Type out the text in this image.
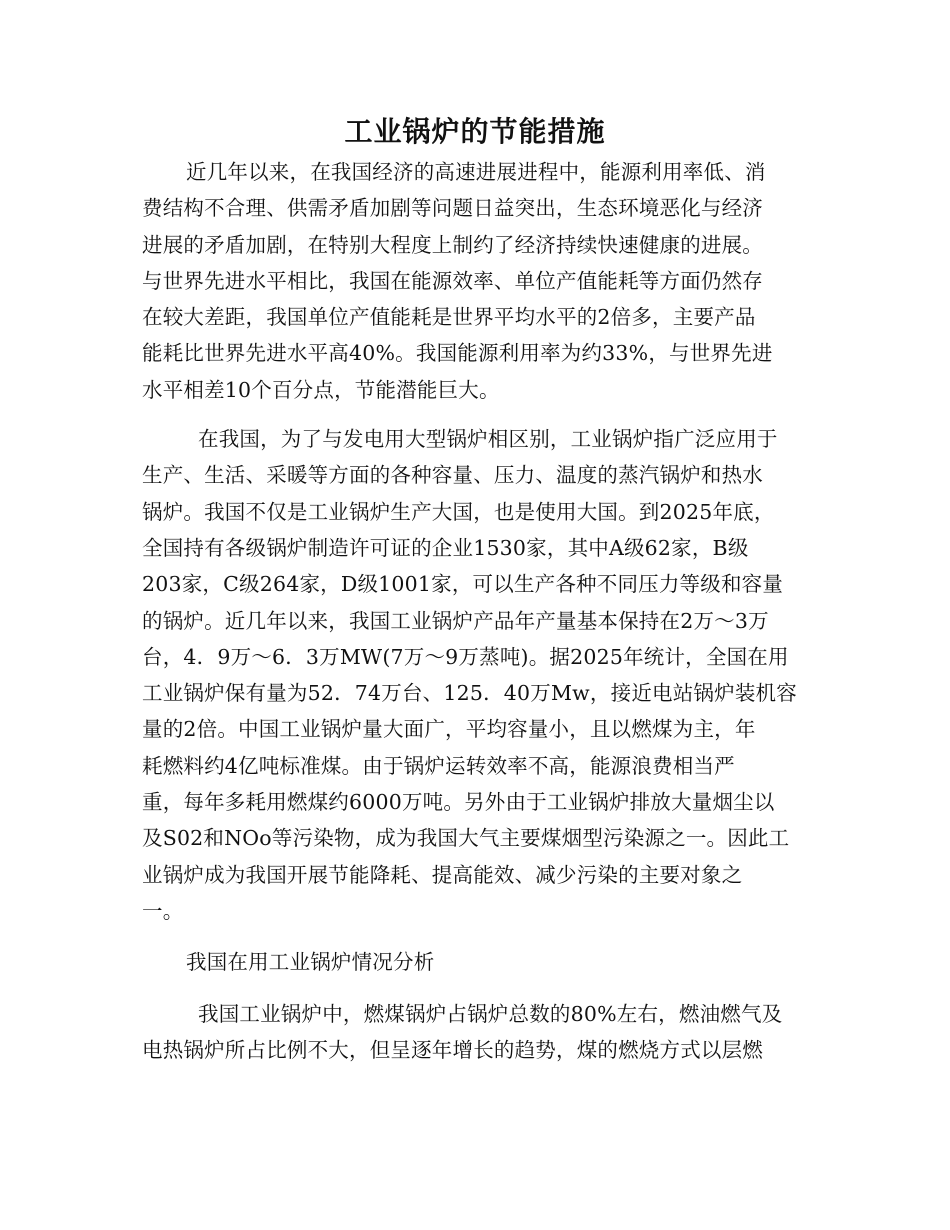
工业锅炉的节能措施
近几年以来，在我国经济的高速进展进程中，能源利用率低、消
费结构不合理、供需矛盾加剧等问题日益突出，生态环境恶化与经济
进展的矛盾加剧，在特别大程度上制约了经济持续快速健康的进展。
与世界先进水平相比，我国在能源效率、单位产值能耗等方面仍然存
在较大差距，我国单位产值能耗是世界平均水平的2倍多，主要产品
能耗比世界先进水平高40%。我国能源利用率为约33%，与世界先进
水平相差10个百分点，节能潜能巨大。
在我国，为了与发电用大型锅炉相区别，工业锅炉指广泛应用于
生产、生活、采暖等方面的各种容量、压力、温度的蒸汽锅炉和热水
锅炉。我国不仅是工业锅炉生产大国，也是使用大国。到2025年底，
全国持有各级锅炉制造许可证的企业1530家，其中A级62家，B级
203家，C级264家，D级1001家，可以生产各种不同压力等级和容量
的锅炉。近几年以来，我国工业锅炉产品年产量基本保持在2万～3万
台，4．9万～6．3万MW(7万～9万蒸吨)。据2025年统计，全国在用
工业锅炉保有量为52．74万台、125．40万Mw，接近电站锅炉装机容
量的2倍。中国工业锅炉量大面广，平均容量小，且以燃煤为主，年
耗燃料约4亿吨标准煤。由于锅炉运转效率不高，能源浪费相当严
重，每年多耗用燃煤约6000万吨。另外由于工业锅炉排放大量烟尘以
及S02和NOo等污染物，成为我国大气主要煤烟型污染源之一。因此工
业锅炉成为我国开展节能降耗、提高能效、减少污染的主要对象之
一。
我国在用工业锅炉情况分析
我国工业锅炉中，燃煤锅炉占锅炉总数的80%左右，燃油燃气及
电热锅炉所占比例不大，但呈逐年增长的趋势，煤的燃烧方式以层燃
